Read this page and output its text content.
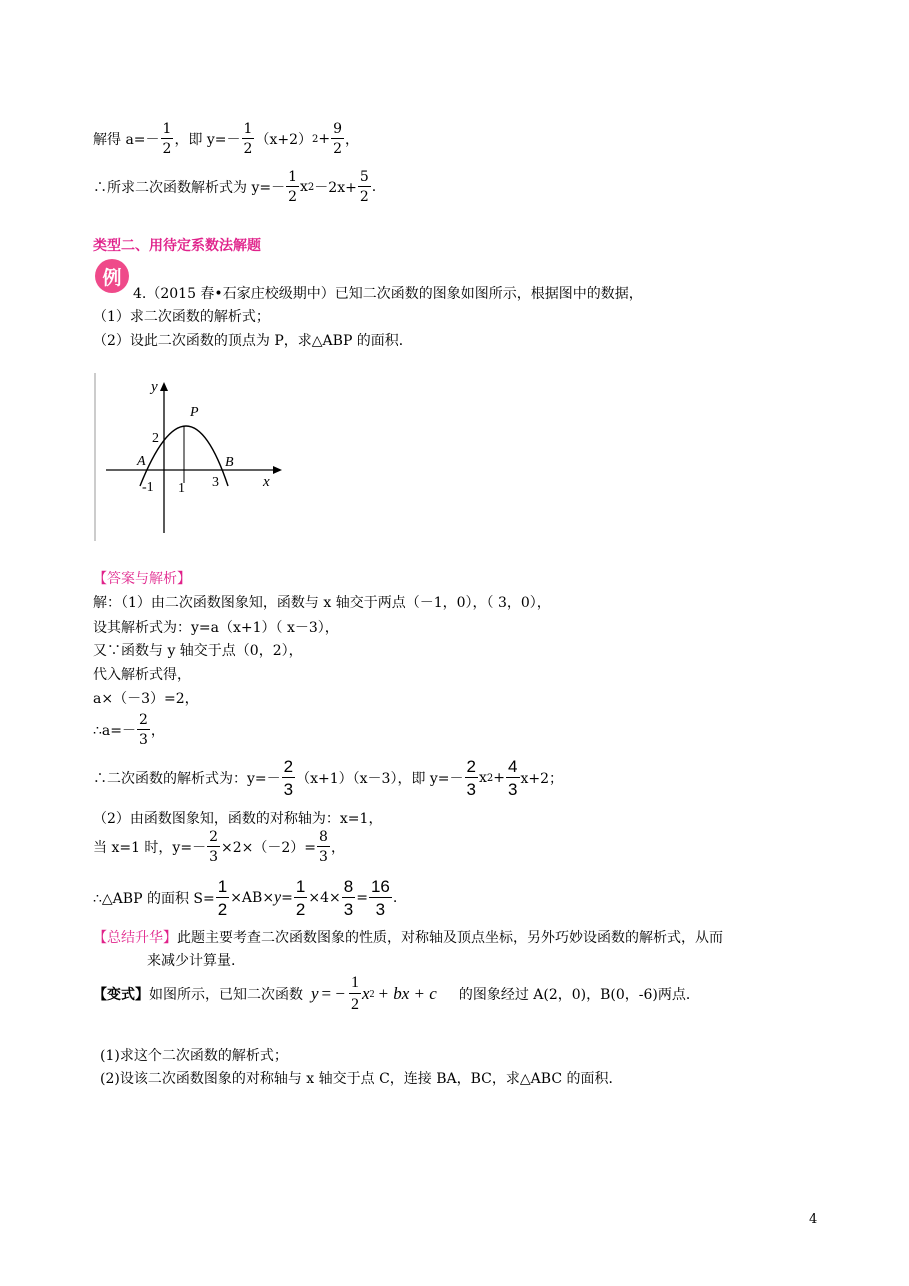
解得 $a=- \frac{1}{2}$ ，即 $y=- \frac{1}{2} (x+2) 2 + \frac{9}{2}$ ，
∴所求二次函数解析式为 $y=- \frac{1}{2}$ x $2 -2x+ \frac{5}{2}$ .
类型二、用待定系数法解题
例
4.（2015 春•石家庄校级期中）已知二次函数的图象如图所示，根据图中的数据，
（1）求二次函数的解析式；
（2）设此二次函数的顶点为 P，求△ABP 的面积．
y
x
P
A	B
2
-1 1 3
【答案与解析】
解：（1）由二次函数图象知，函数与 x 轴交于两点（－1，0），（ 3，0），
设其解析式为：y=a（x+1）（ x－3），
又∵函数与 y 轴交于点（0，2），
代入解析式得，
a×（－3）=2，
∴a=－ $\frac{2}{3}$ ，
∴二次函数的解析式为：$y=- \frac{2}{3} (x+1)(x-3)$，即 $y=- \frac{2}{3}$ x $2 + \frac{4}{3} x+2$；
（2）由函数图象知，函数的对称轴为：x=1，
当 x=1 时，$y=- \frac{2}{3} \times 2\times(-2)= \frac{8}{3}$ ，
∴△ABP 的面积 $S= \frac{1}{2} \times AB\times y = \frac{1}{2} \times 4\times \frac{8}{3} = \frac{16}{3}$ .
【总结升华】此题主要考查二次函数图象的性质，对称轴及顶点坐标，另外巧妙设函数的解析式，从而
来减少计算量.
【变式】 如图所示，已知二次函数 y = − $\frac{1}{2}$ x 2 + bx + c 的图象经过 A(2，0)，B(0，-6)两点．
(1)求这个二次函数的解析式；
(2)设该二次函数图象的对称轴与 x 轴交于点 C，连接 BA，BC，求△ABC 的面积．
4
